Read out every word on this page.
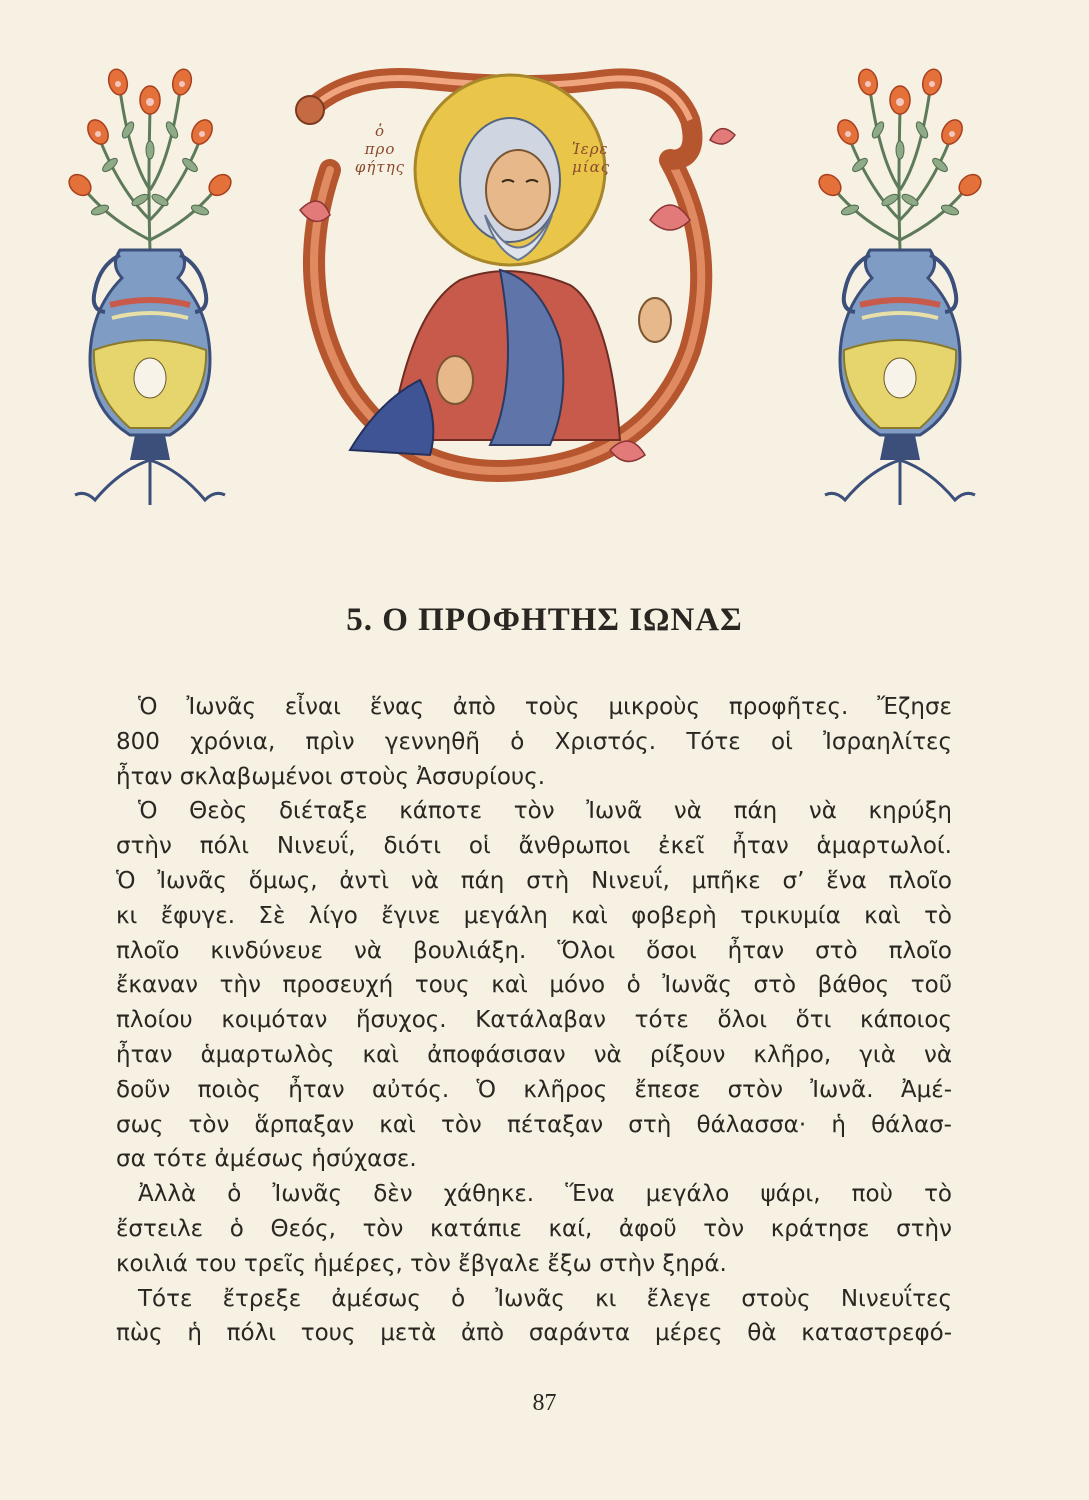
ὁ
προ
φήτης
Ἱερε
μίας
5. Ο ΠΡΟΦΗΤΗΣ ΙΩΝΑΣ
Ὁ Ἰωνᾶς εἶναι ἕνας ἀπὸ τοὺς μικροὺς προφῆτες. Ἔζησε
800 χρόνια, πρὶν γεννηθῆ ὁ Χριστός. Τότε οἱ Ἰσραηλίτες
ἦταν σκλαβωμένοι στοὺς Ἀσσυρίους.
Ὁ Θεὸς διέταξε κάποτε τὸν Ἰωνᾶ νὰ πάη νὰ κηρύξη
στὴν πόλι Νινευΐ, διότι οἱ ἄνθρωποι ἐκεῖ ἦταν ἁμαρτωλοί.
Ὁ Ἰωνᾶς ὅμως, ἀντὶ νὰ πάη στὴ Νινευΐ, μπῆκε σ’ ἕνα πλοῖο
κι ἔφυγε. Σὲ λίγο ἔγινε μεγάλη καὶ φοβερὴ τρικυμία καὶ τὸ
πλοῖο κινδύνευε νὰ βουλιάξη. Ὅλοι ὅσοι ἦταν στὸ πλοῖο
ἔκαναν τὴν προσευχή τους καὶ μόνο ὁ Ἰωνᾶς στὸ βάθος τοῦ
πλοίου κοιμόταν ἥσυχος. Κατάλαβαν τότε ὅλοι ὅτι κάποιος
ἦταν ἁμαρτωλὸς καὶ ἀποφάσισαν νὰ ρίξουν κλῆρο, γιὰ νὰ
δοῦν ποιὸς ἦταν αὐτός. Ὁ κλῆρος ἔπεσε στὸν Ἰωνᾶ. Ἀμέ-
σως τὸν ἅρπαξαν καὶ τὸν πέταξαν στὴ θάλασσα· ἡ θάλασ-
σα τότε ἀμέσως ἡσύχασε.
Ἀλλὰ ὁ Ἰωνᾶς δὲν χάθηκε. Ἕνα μεγάλο ψάρι, ποὺ τὸ
ἔστειλε ὁ Θεός, τὸν κατάπιε καί, ἀφοῦ τὸν κράτησε στὴν
κοιλιά του τρεῖς ἡμέρες, τὸν ἔβγαλε ἔξω στὴν ξηρά.
Τότε ἔτρεξε ἀμέσως ὁ Ἰωνᾶς κι ἔλεγε στοὺς Νινευΐτες
πὼς ἡ πόλι τους μετὰ ἀπὸ σαράντα μέρες θὰ καταστρεφό-
87
